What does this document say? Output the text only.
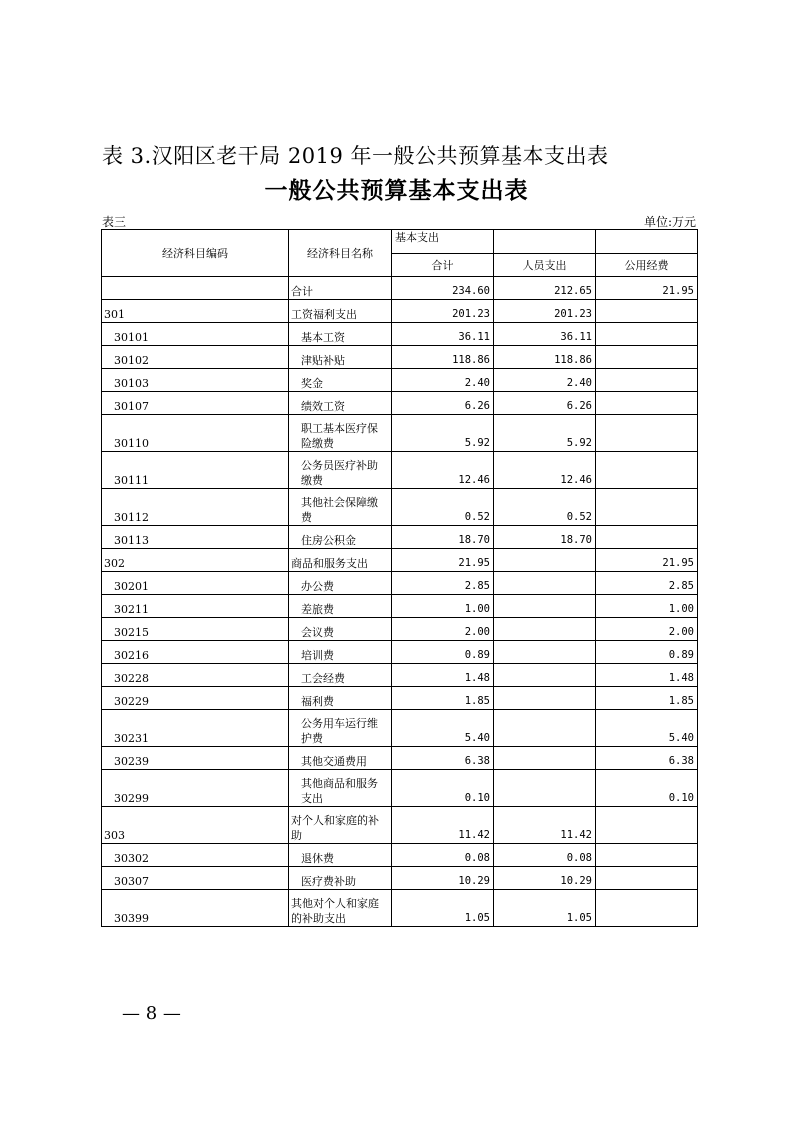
表 3.汉阳区老干局 2019 年一般公共预算基本支出表
一般公共预算基本支出表
表三	单位:万元
经济科目编码	经济科目名称	基本支出		
		合计	人员支出	公用经费
	合计	234.60	212.65	21.95
301	工资福利支出	201.23	201.23	
30101	基本工资	36.11	36.11	
30102	津贴补贴	118.86	118.86	
30103	奖金	2.40	2.40	
30107	绩效工资	6.26	6.26	
30110	职工基本医疗保险缴费	5.92	5.92	
30111	公务员医疗补助缴费	12.46	12.46	
30112	其他社会保障缴费	0.52	0.52	
30113	住房公积金	18.70	18.70	
302	商品和服务支出	21.95		21.95
30201	办公费	2.85		2.85
30211	差旅费	1.00		1.00
30215	会议费	2.00		2.00
30216	培训费	0.89		0.89
30228	工会经费	1.48		1.48
30229	福利费	1.85		1.85
30231	公务用车运行维护费	5.40		5.40
30239	其他交通费用	6.38		6.38
30299	其他商品和服务支出	0.10		0.10
303	对个人和家庭的补助	11.42	11.42	
30302	退休费	0.08	0.08	
30307	医疗费补助	10.29	10.29	
30399	其他对个人和家庭的补助支出	1.05	1.05	
— 8 —
